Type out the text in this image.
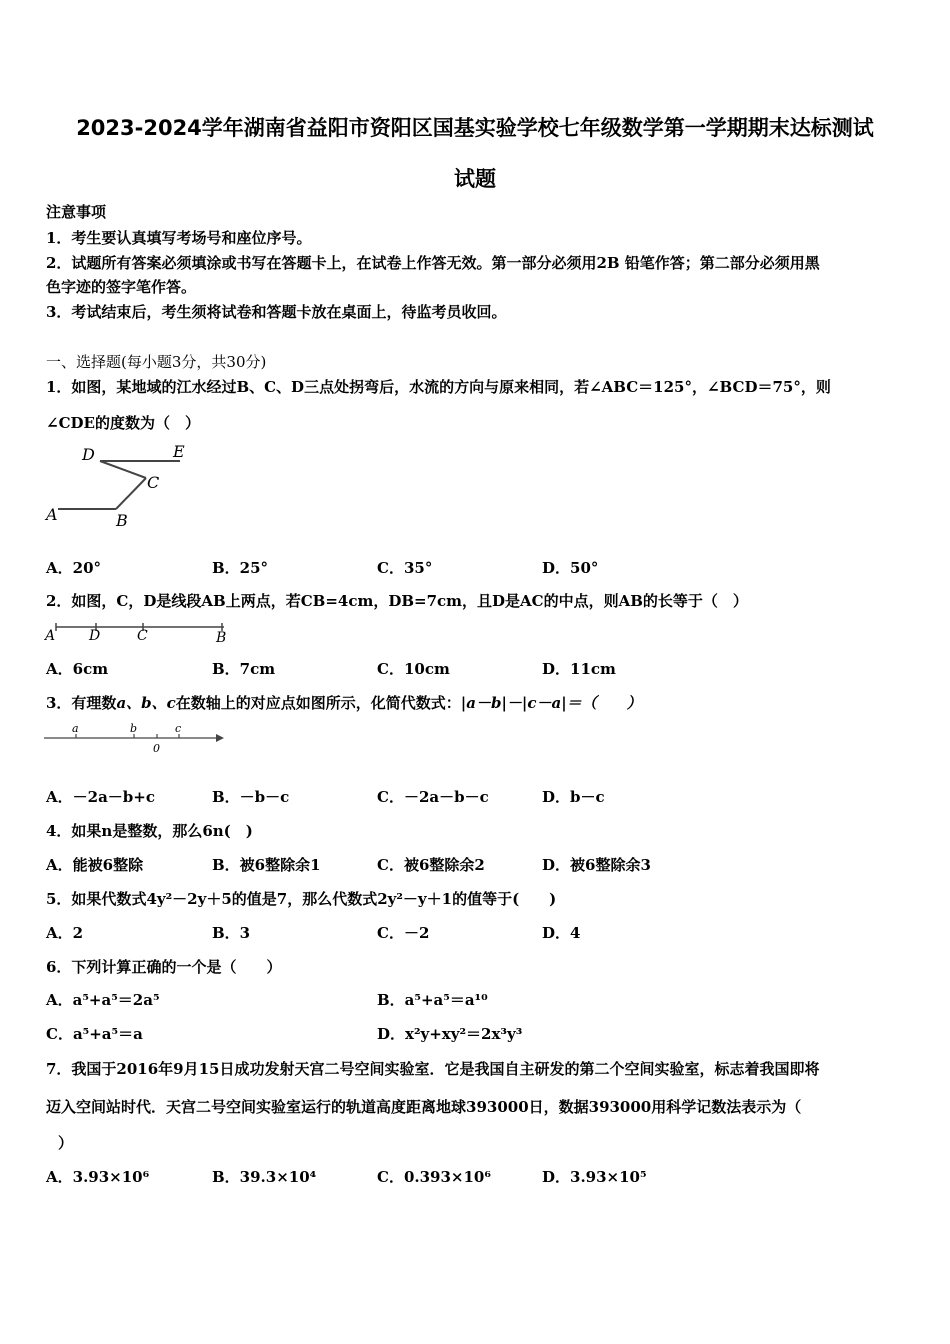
2023-2024学年湖南省益阳市资阳区国基实验学校七年级数学第一学期期末达标测试
试题
注意事项
1．考生要认真填写考场号和座位序号。
2．试题所有答案必须填涂或书写在答题卡上，在试卷上作答无效。第一部分必须用2B 铅笔作答；第二部分必须用黑
色字迹的签字笔作答。
3．考试结束后，考生须将试卷和答题卡放在桌面上，待监考员收回。
一、选择题(每小题3分，共30分)
1．如图，某地域的江水经过B、C、D三点处拐弯后，水流的方向与原来相同，若∠ABC＝125°，∠BCD＝75°，则
∠CDE的度数为（　）
D	E
C
A	B
A．20°	B．25°	C．35°	D．50°
2．如图，C，D是线段AB上两点，若CB=4cm，DB=7cm，且D是AC的中点，则AB的长等于（　）
A D	C	B
A．6cm	B．7cm	C．10cm	D．11cm
3．有理数a、b、c在数轴上的对应点如图所示，化简代数式：|a－b|－|c－a|＝（　　）
a	b	c
0
A．－2a－b+c	B．－b－c	C．－2a－b－c	D．b－c
4．如果n是整数，那么6n(　)
A．能被6整除	B．被6整除余1	C．被6整除余2	D．被6整除余3
5．如果代数式4y²－2y＋5的值是7，那么代数式2y²－y＋1的值等于(　　)
A．2	B．3	C．－2	D．4
6．下列计算正确的一个是（　　）
A．a⁵+a⁵＝2a⁵	B．a⁵+a⁵＝a¹⁰
C．a⁵+a⁵＝a	D．x²y+xy²＝2x³y³
7．我国于2016年9月15日成功发射天宫二号空间实验室．它是我国自主研发的第二个空间实验室，标志着我国即将
迈入空间站时代．天宫二号空间实验室运行的轨道高度距离地球393000日，数据393000用科学记数法表示为（
）
A．3.93×10⁶	B．39.3×10⁴	C．0.393×10⁶	D．3.93×10⁵
